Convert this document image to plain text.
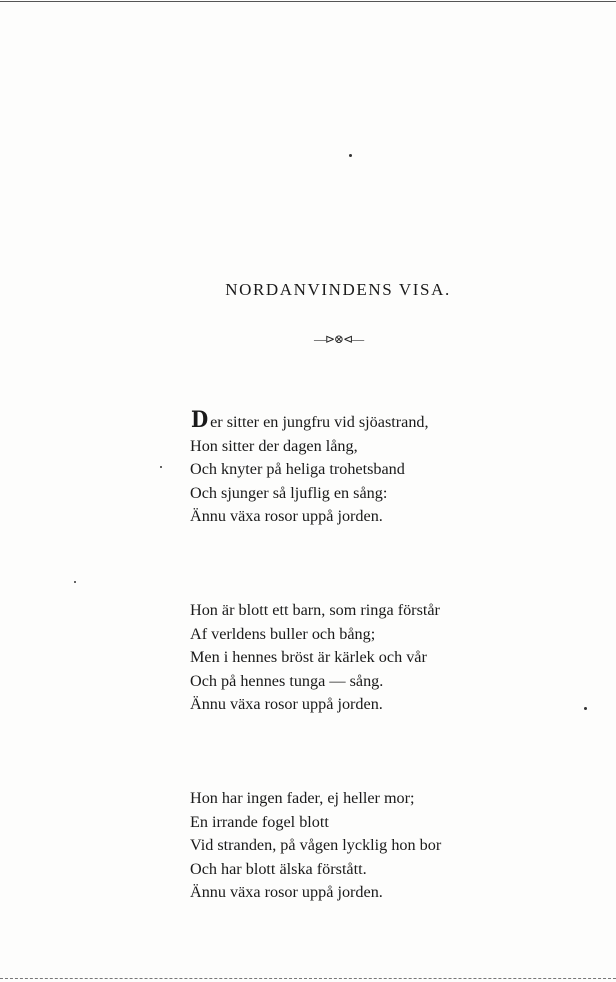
NORDANVINDENS VISA.
—⊳⊗⊲—
D er sitter en jungfru vid sjöastrand,
Hon sitter der dagen lång,
Och knyter på heliga trohetsband
Och sjunger så ljuflig en sång:
Ännu växa rosor uppå jorden.
Hon är blott ett barn, som ringa förstår
Af verldens buller och bång;
Men i hennes bröst är kärlek och vår
Och på hennes tunga — sång.
Ännu växa rosor uppå jorden.
Hon har ingen fader, ej heller mor;
En irrande fogel blott
Vid stranden, på vågen lycklig hon bor
Och har blott älska förstått.
Ännu växa rosor uppå jorden.
